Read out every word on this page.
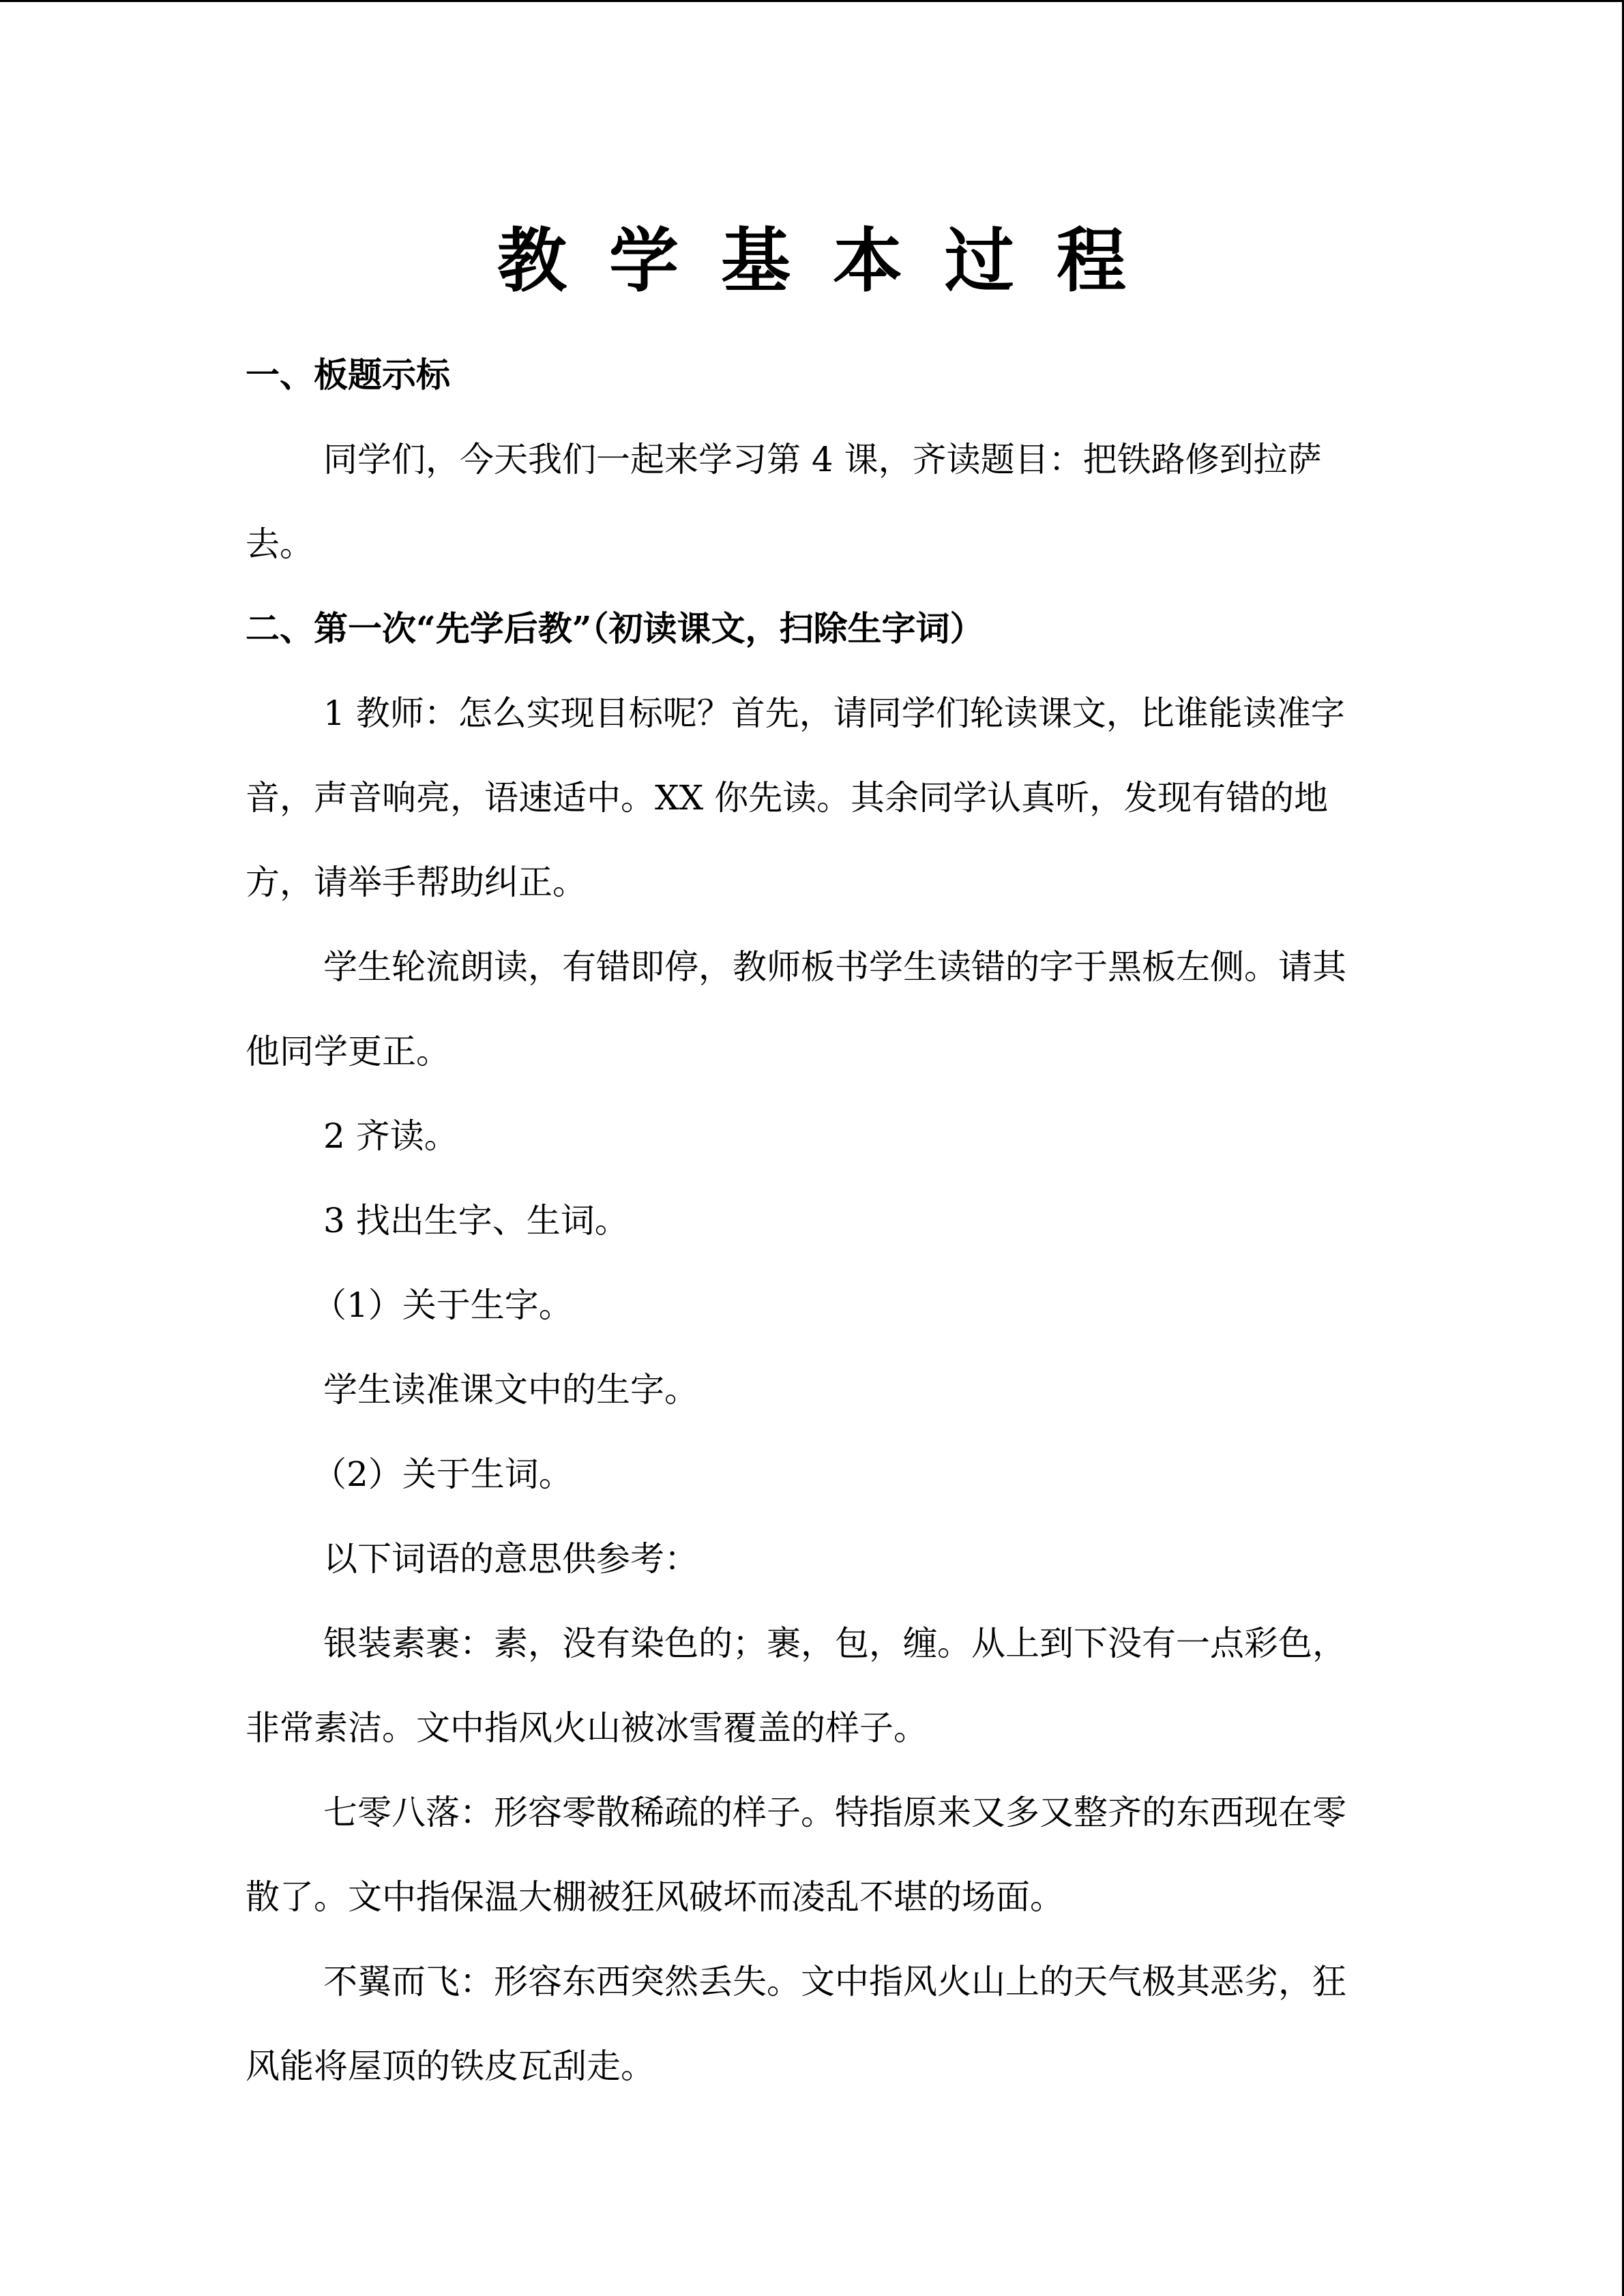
教学基本过程

一、板题示标

同学们，今天我们一起来学习第 4 课，齐读题目：把铁路修到拉萨去。

二、第一次“先学后教”（初读课文，扫除生字词）

1 教师：怎么实现目标呢？首先，请同学们轮读课文，比谁能读准字音，声音响亮，语速适中。XX 你先读。其余同学认真听，发现有错的地方，请举手帮助纠正。

学生轮流朗读，有错即停，教师板书学生读错的字于黑板左侧。请其他同学更正。

2 齐读。

3 找出生字、生词。

（1）关于生字。

学生读准课文中的生字。

（2）关于生词。

以下词语的意思供参考：

银装素裹：素，没有染色的；裹，包，缠。从上到下没有一点彩色，非常素洁。文中指风火山被冰雪覆盖的样子。

七零八落：形容零散稀疏的样子。特指原来又多又整齐的东西现在零散了。文中指保温大棚被狂风破坏而凌乱不堪的场面。

不翼而飞：形容东西突然丢失。文中指风火山上的天气极其恶劣，狂风能将屋顶的铁皮瓦刮走。
